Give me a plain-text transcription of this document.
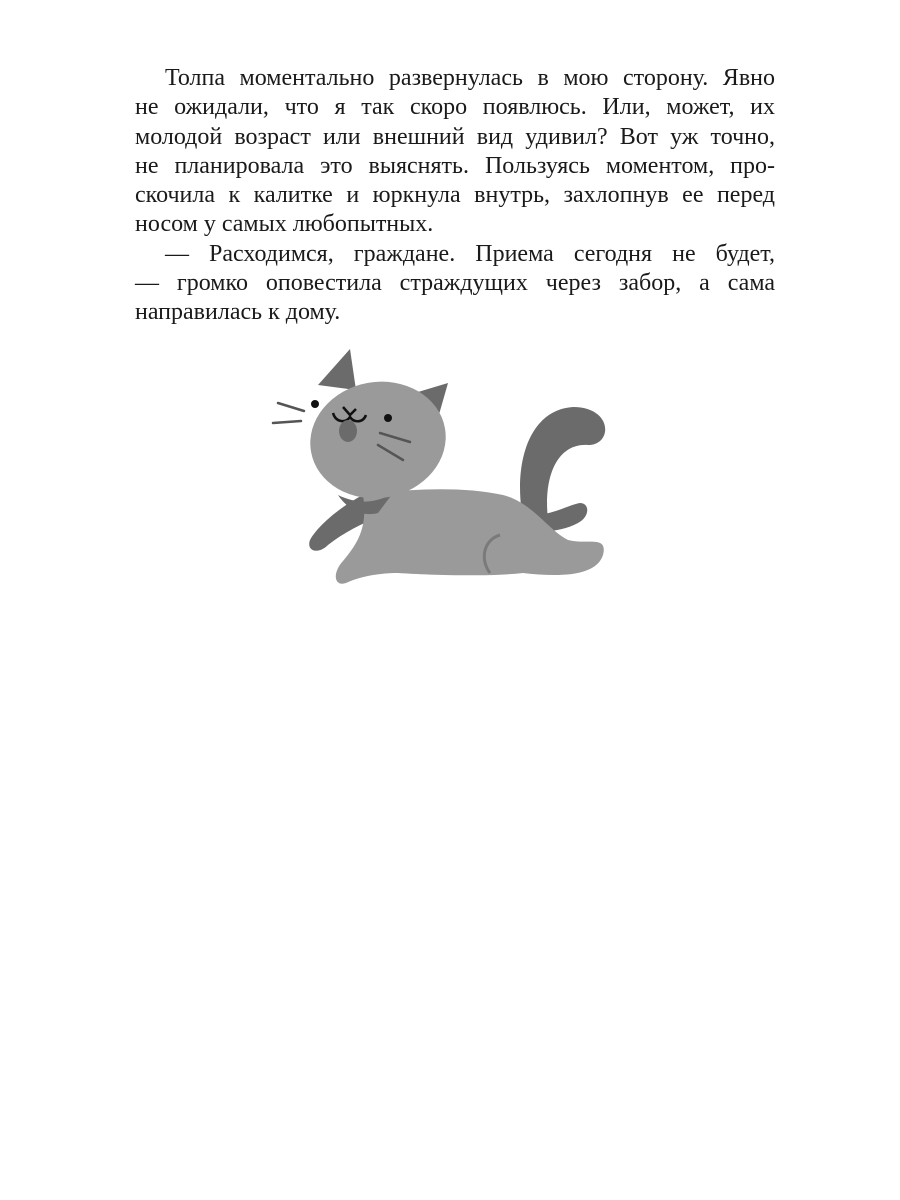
Толпа моментально развернулась в мою сторону. Явно
не ожидали, что я так скоро появлюсь. Или, может, их
молодой возраст или внешний вид удивил? Вот уж точно,
не планировала это выяснять. Пользуясь моментом, про-
скочила к калитке и юркнула внутрь, захлопнув ее перед
носом у самых любопытных.
— Расходимся, граждане. Приема сегодня не будет,
— громко оповестила страждущих через забор, а сама
направилась к дому.
